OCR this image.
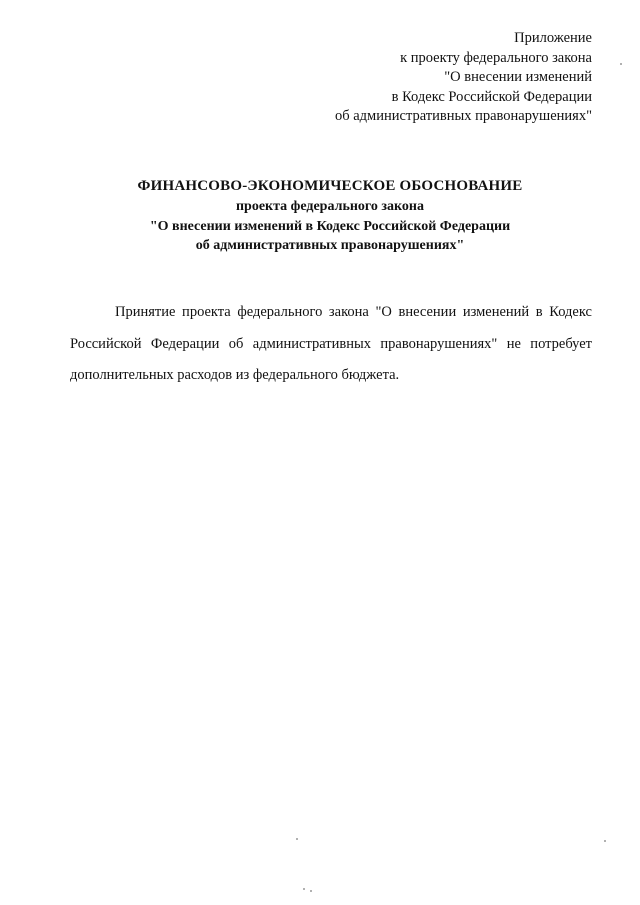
Приложение
к проекту федерального закона
"О внесении изменений
в Кодекс Российской Федерации
об административных правонарушениях"
ФИНАНСОВО-ЭКОНОМИЧЕСКОЕ ОБОСНОВАНИЕ
проекта федерального закона
"О внесении изменений в Кодекс Российской Федерации
об административных правонарушениях"

Принятие проекта федерального закона "О внесении изменений в Кодекс Российской Федерации об административных правонарушениях" не потребует дополнительных расходов из федерального бюджета.
